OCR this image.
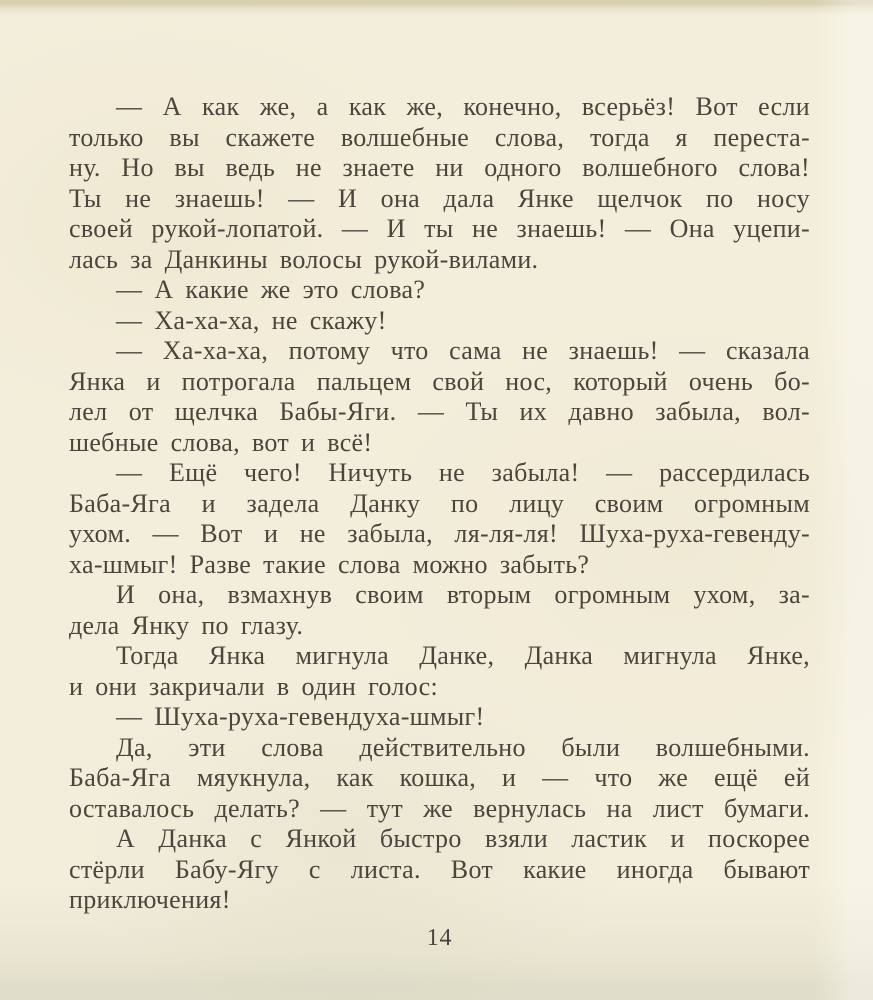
— А как же, а как же, конечно, всерьёз! Вот если
только вы скажете волшебные слова, тогда я переста-
ну. Но вы ведь не знаете ни одного волшебного слова!
Ты не знаешь! — И она дала Янке щелчок по носу
своей рукой-лопатой. — И ты не знаешь! — Она уцепи-
лась за Данкины волосы рукой-вилами.
— А какие же это слова?
— Ха-ха-ха, не скажу!
— Ха-ха-ха, потому что сама не знаешь! — сказала
Янка и потрогала пальцем свой нос, который очень бо-
лел от щелчка Бабы-Яги. — Ты их давно забыла, вол-
шебные слова, вот и всё!
— Ещё чего! Ничуть не забыла! — рассердилась
Баба-Яга и задела Данку по лицу своим огромным
ухом. — Вот и не забыла, ля-ля-ля! Шуха-руха-гевенду-
ха-шмыг! Разве такие слова можно забыть?
И она, взмахнув своим вторым огромным ухом, за-
дела Янку по глазу.
Тогда Янка мигнула Данке, Данка мигнула Янке,
и они закричали в один голос:
— Шуха-руха-гевендуха-шмыг!
Да, эти слова действительно были волшебными.
Баба-Яга мяукнула, как кошка, и — что же ещё ей
оставалось делать? — тут же вернулась на лист бумаги.
А Данка с Янкой быстро взяли ластик и поскорее
стёрли Бабу-Ягу с листа. Вот какие иногда бывают
приключения!
14
